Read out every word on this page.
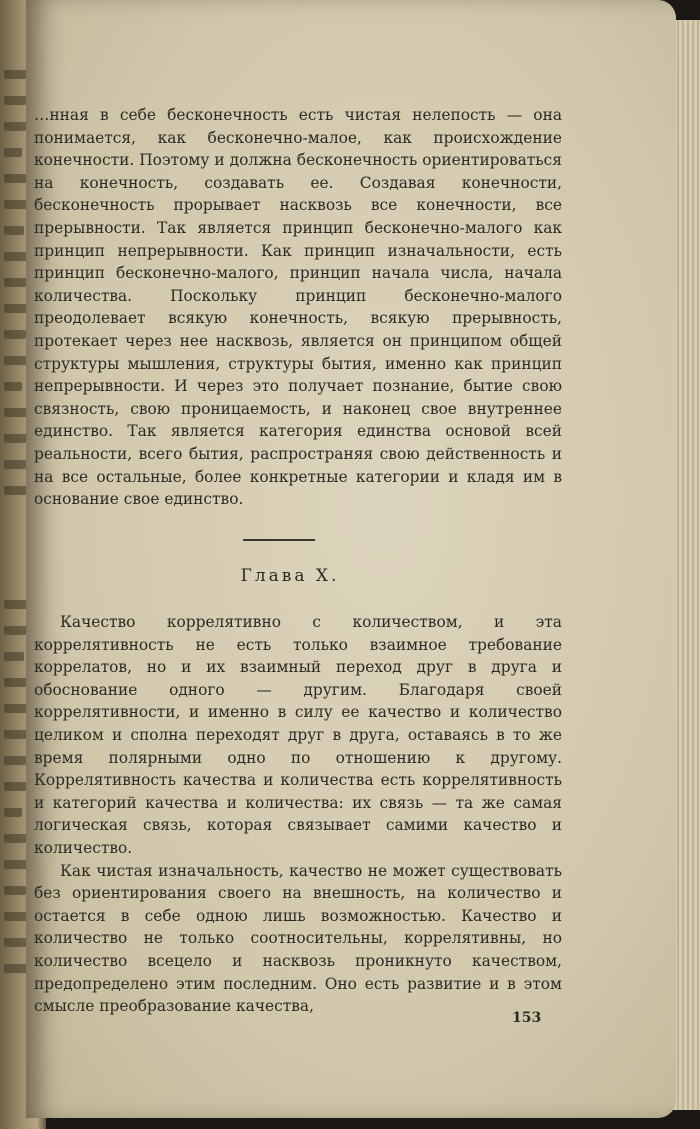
…нная в себе бесконечность есть чистая нелепость — она понимается, как бесконечно-малое, как происхождение конечности. Поэтому и должна бесконечность ориентироваться на конечность, создавать ее. Создавая конечности, бесконечность прорывает насквозь все конечности, все прерывности. Так является принцип бесконечно-малого как принцип непрерывности. Как принцип изначальности, есть принцип бесконечно-малого, принцип начала числа, начала количества. Поскольку принцип бесконечно-малого преодолевает всякую конечность, всякую прерывность, протекает через нее насквозь, является он принципом общей структуры мышления, структуры бытия, именно как принцип непрерывности. И через это получает познание, бытие свою связность, свою проницаемость, и наконец свое внутреннее единство. Так является категория единства основой всей реальности, всего бытия, распространяя свою действенность и на все остальные, более конкретные категории и кладя им в основание свое единство.

Глава X.

Качество коррелятивно с количеством, и эта коррелятивность не есть только взаимное требование коррелатов, но и их взаимный переход друг в друга и обоснование одного — другим. Благодаря своей коррелятивности, и именно в силу ее качество и количество целиком и сполна переходят друг в друга, оставаясь в то же время полярными одно по отношению к другому. Коррелятивность качества и количества есть коррелятивность и категорий качества и количества: их связь — та же самая логическая связь, которая связывает самими качество и количество.

Как чистая изначальность, качество не может существовать без ориентирования своего на внешность, на количество и остается в себе одною лишь возможностью. Качество и количество не только соотносительны, коррелятивны, но количество всецело и насквозь проникнуто качеством, предопределено этим последним. Оно есть развитие и в этом смысле преобразование качества,

153
